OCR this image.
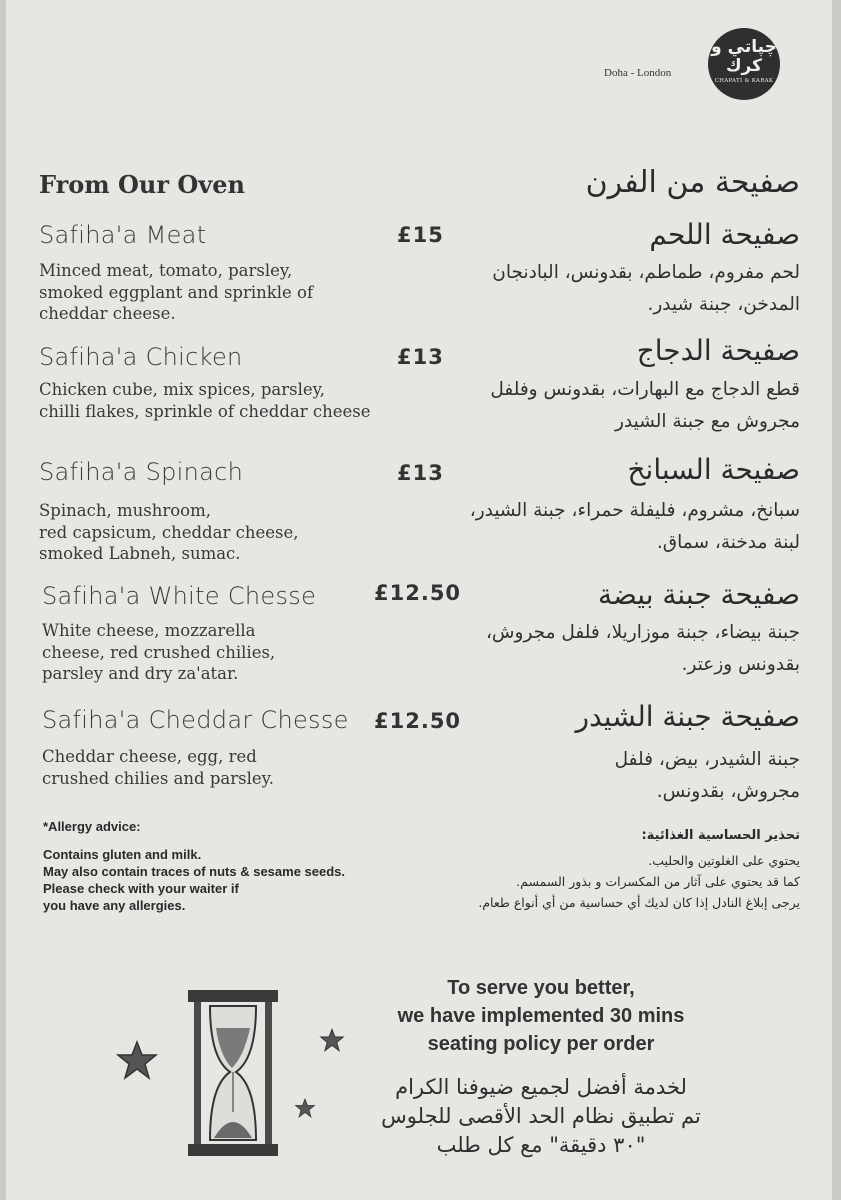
چپاتي و كرك
CHAPATI & KARAK
Doha - London
From Our Oven	صفيحة من الفرن
Safiha'a Meat	£15
Minced meat, tomato, parsley,
smoked eggplant and sprinkle of
cheddar cheese.
صفيحة اللحم
لحم مفروم، طماطم، بقدونس، البادنجان المدخن، جبنة شيدر.
Safiha'a Chicken	£13
Chicken cube, mix spices, parsley,
chilli flakes, sprinkle of cheddar cheese
صفيحة الدجاج
قطع الدجاج مع البهارات، بقدونس وفلفل مجروش مع جبنة الشيدر
Safiha'a Spinach	£13
Spinach, mushroom,
red capsicum, cheddar cheese,
smoked Labneh, sumac.
صفيحة السبانخ
سبانخ، مشروم، فليفلة حمراء، جبنة الشيدر، لبنة مدخنة، سماق.
Safiha'a White Chesse	£12.50
White cheese, mozzarella
cheese, red crushed chilies,
parsley and dry za'atar.
صفيحة جبنة بيضة
جبنة بيضاء، جبنة موزاريلا، فلفل مجروش، بقدونس وزعتر.
Safiha'a Cheddar Chesse £12.50
Cheddar cheese, egg, red
crushed chilies and parsley.
صفيحة جبنة الشيدر
جبنة الشيدر، بيض، فلفل مجروش، بقدونس.
*Allergy advice:
Contains gluten and milk.
May also contain traces of nuts & sesame seeds.
Please check with your waiter if
you have any allergies.
تحذير الحساسية الغذائية:
يحتوي على الغلوتين والحليب.
كما قد يحتوي على آثار من المكسرات و بذور السمسم.
يرجى إبلاغ النادل إذا كان لديك أي حساسية من أي أنواع طعام.
To serve you better,
we have implemented 30 mins
seating policy per order
لخدمة أفضل لجميع ضيوفنا الكرام
تم تطبيق نظام الحد الأقصى للجلوس
"٣٠ دقيقة" مع كل طلب
